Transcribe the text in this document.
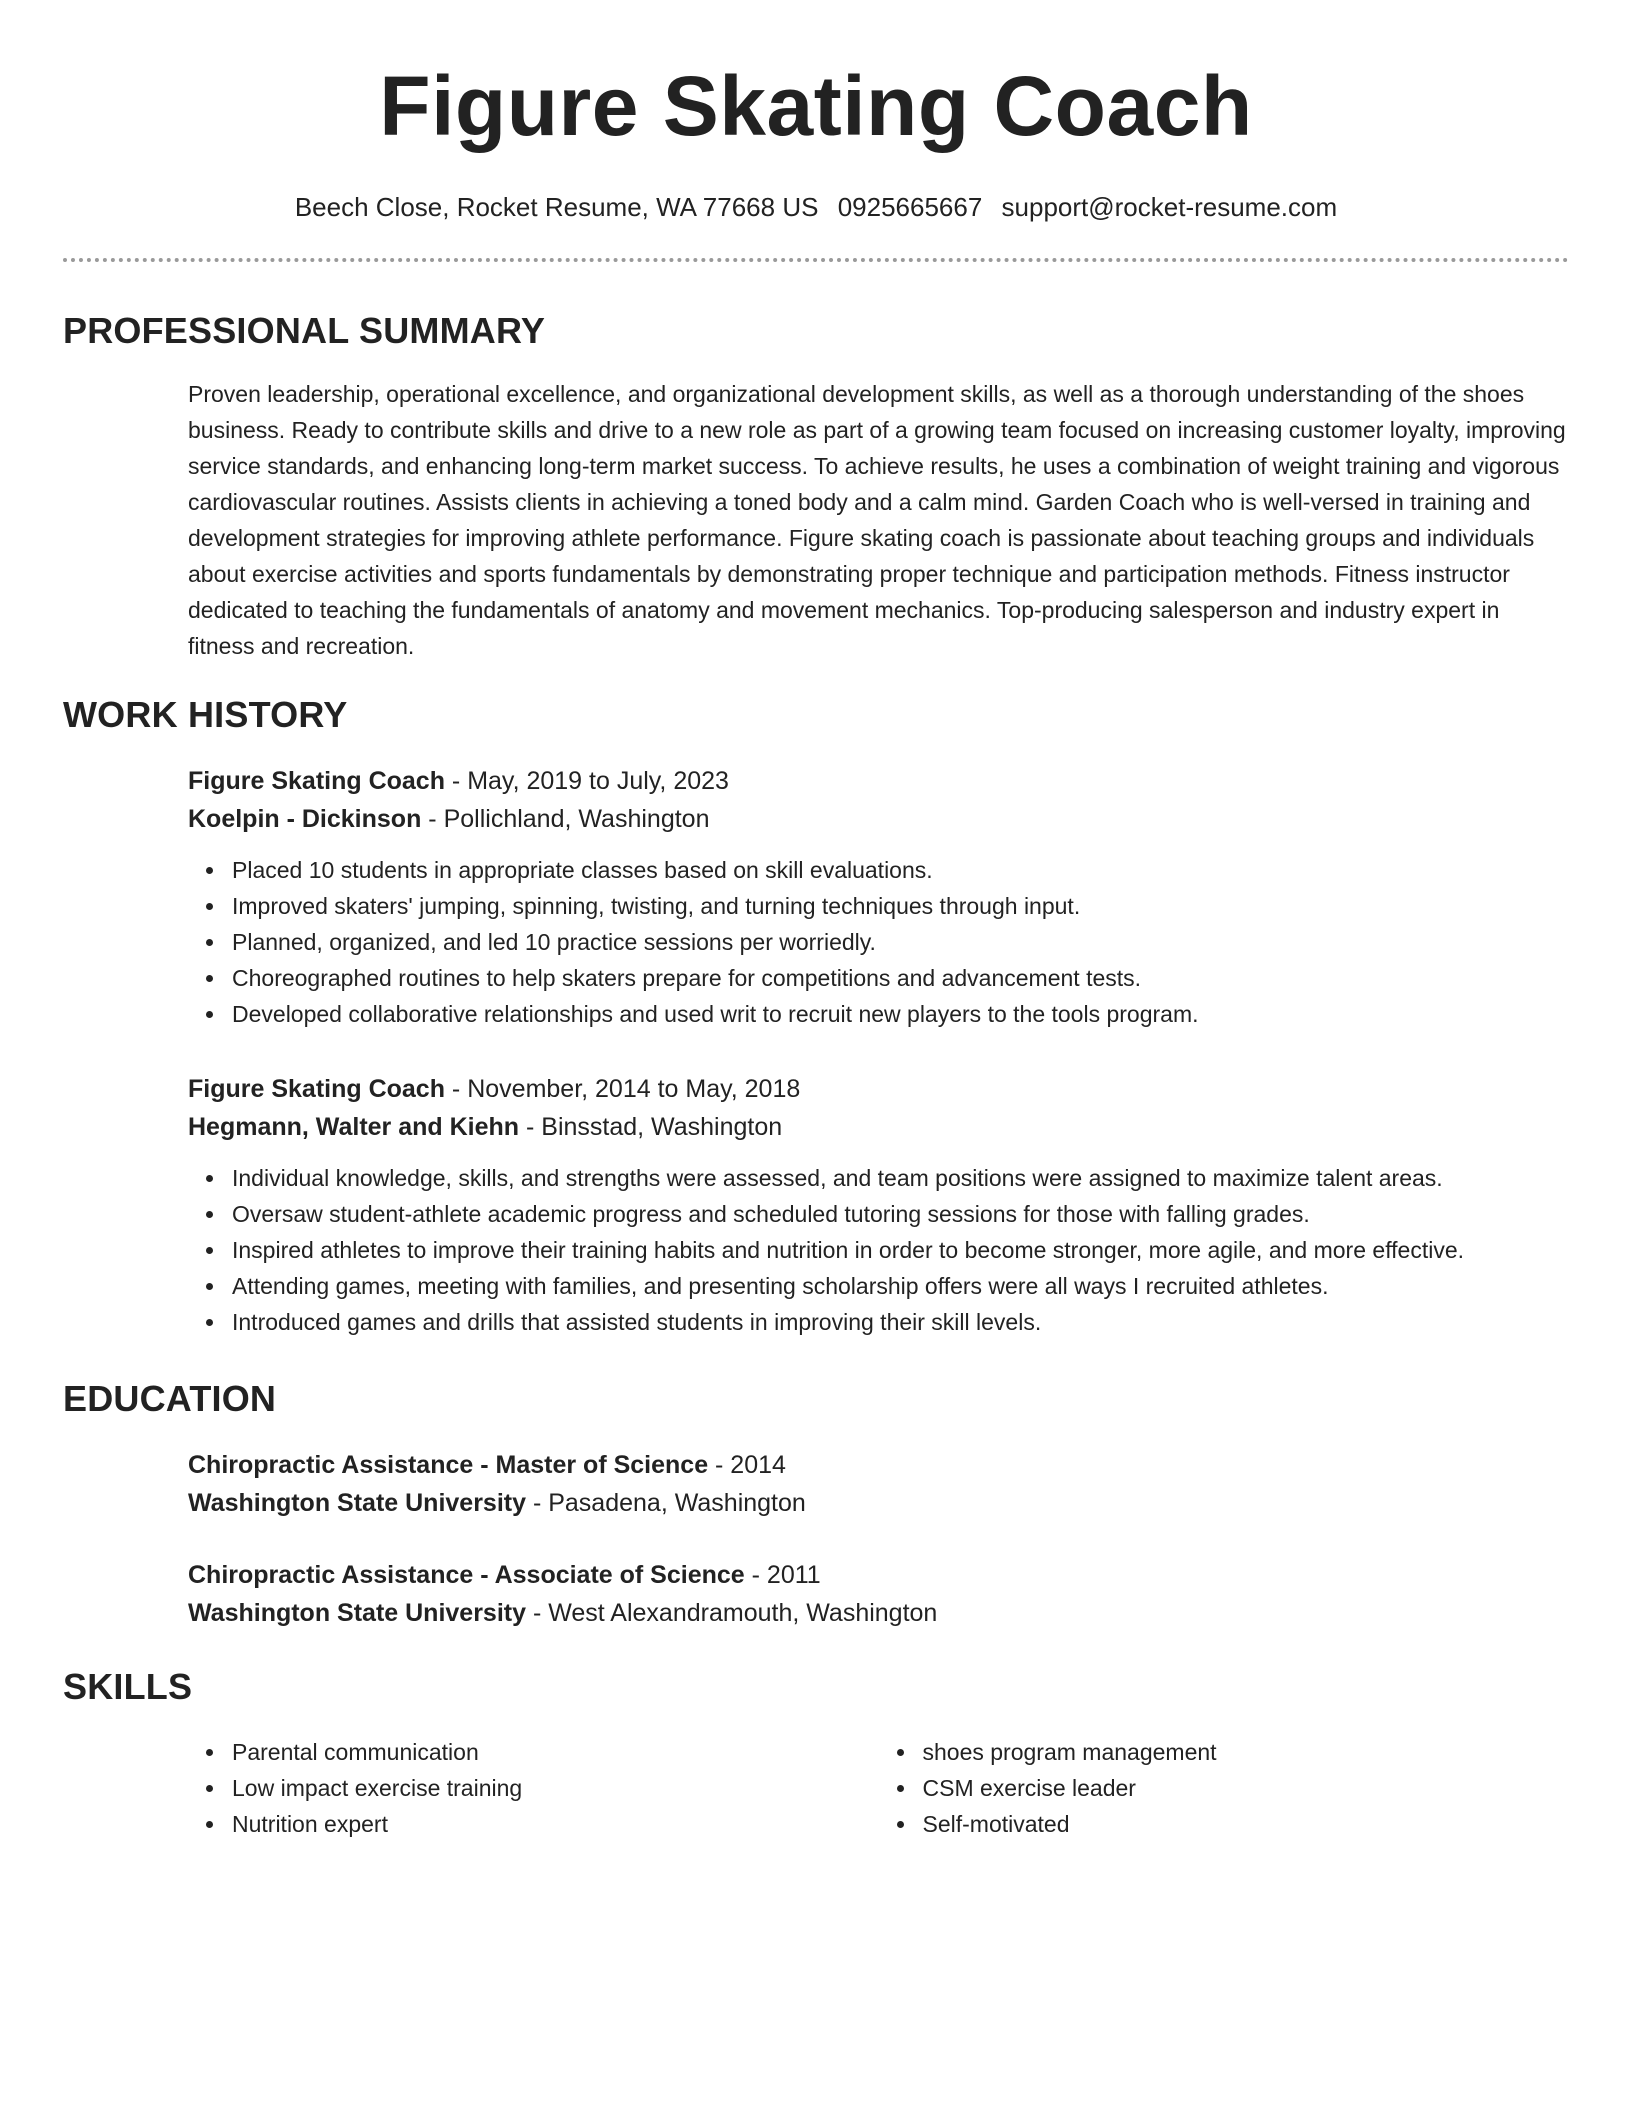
Figure Skating Coach
Beech Close, Rocket Resume, WA 77668 US 0925665667 support@rocket-resume.com
PROFESSIONAL SUMMARY

Proven leadership, operational excellence, and organizational development skills, as well as a thorough understanding of the shoes business. Ready to contribute skills and drive to a new role as part of a growing team focused on increasing customer loyalty, improving service standards, and enhancing long-term market success. To achieve results, he uses a combination of weight training and vigorous cardiovascular routines. Assists clients in achieving a toned body and a calm mind. Garden Coach who is well-versed in training and development strategies for improving athlete performance. Figure skating coach is passionate about teaching groups and individuals about exercise activities and sports fundamentals by demonstrating proper technique and participation methods. Fitness instructor dedicated to teaching the fundamentals of anatomy and movement mechanics. Top-producing salesperson and industry expert in fitness and recreation.

WORK HISTORY
Figure Skating Coach - May, 2019 to July, 2023
Koelpin - Dickinson - Pollichland, Washington
Placed 10 students in appropriate classes based on skill evaluations.
Improved skaters' jumping, spinning, twisting, and turning techniques through input.
Planned, organized, and led 10 practice sessions per worriedly.
Choreographed routines to help skaters prepare for competitions and advancement tests.
Developed collaborative relationships and used writ to recruit new players to the tools program.
Figure Skating Coach - November, 2014 to May, 2018
Hegmann, Walter and Kiehn - Binsstad, Washington
Individual knowledge, skills, and strengths were assessed, and team positions were assigned to maximize talent areas.
Oversaw student-athlete academic progress and scheduled tutoring sessions for those with falling grades.
Inspired athletes to improve their training habits and nutrition in order to become stronger, more agile, and more effective.
Attending games, meeting with families, and presenting scholarship offers were all ways I recruited athletes.
Introduced games and drills that assisted students in improving their skill levels.
EDUCATION
Chiropractic Assistance - Master of Science - 2014
Washington State University - Pasadena, Washington
Chiropractic Assistance - Associate of Science - 2011
Washington State University - West Alexandramouth, Washington
SKILLS
Parental communication
Low impact exercise training
Nutrition expert
shoes program management
CSM exercise leader
Self-motivated
